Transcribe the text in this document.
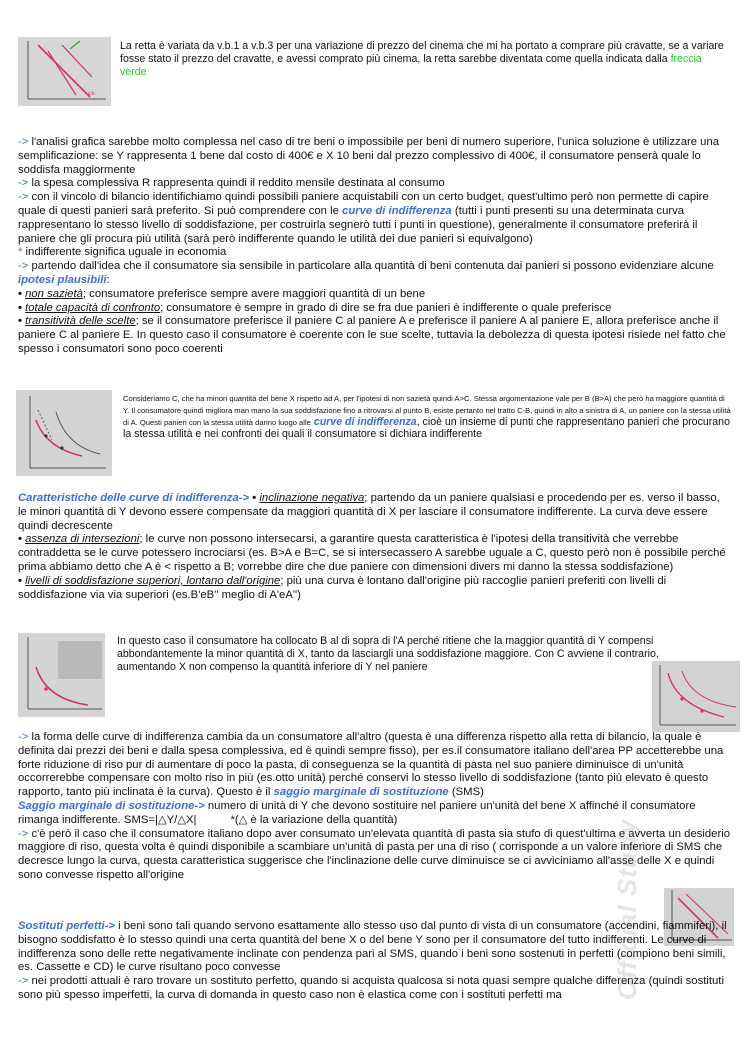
v.b.
La retta è variata da v.b.1 a v.b.3 per una variazione di prezzo del cinema che mi ha portato a comprare più cravatte, se a variare fosse stato il prezzo del cravatte, e avessi comprato più cinema, la retta sarebbe diventata come quella indicata dalla freccia verde

-> l'analisi grafica sarebbe molto complessa nel caso di tre beni o impossibile per beni di numero superiore, l'unica soluzione è utilizzare una semplificazione: se Y rappresenta 1 bene dal costo di 400€ e X 10 beni dal prezzo complessivo di 400€, il consumatore penserà quale lo soddisfa maggiormente

-> la spesa complessiva R rappresenta quindi il reddito mensile destinata al consumo

-> con il vincolo di bilancio identifichiamo quindi possibili paniere acquistabili con un certo budget, quest'ultimo però non permette di capire quale di questi panieri sarà preferito. Si può comprendere con le curve di indifferenza (tutti i punti presenti su una determinata curva rappresentano lo stesso livello di soddisfazione, per costruirla segnerò tutti i punti in questione), generalmente il consumatore preferirà il paniere che gli procura più utilità (sarà però indifferente quando le utilità dei due panieri si equivalgono)

* indifferente significa uguale in economia

-> partendo dall'idea che il consumatore sia sensibile in particolare alla quantità di beni contenuta dai panieri si possono evidenziare alcune ipotesi plausibili:

• non sazietà; consumatore preferisce sempre avere maggiori quantità di un bene

• totale capacità di confronto; consumatore è sempre in grado di dire se fra due panieri è indifferente o quale preferisce

• transitività delle scelte; se il consumatore preferisce il paniere C al paniere A e preferisce il paniere A al paniere E, allora preferisce anche il paniere C al paniere E. In questo caso il consumatore è coerente con le sue scelte, tuttavia la debolezza di questa ipotesi risiede nel fatto che spesso i consumatori sono poco coerenti

Consideriamo C, che ha minori quantità del bene X rispetto ad A, per l'ipotesi di non sazietà quindi A>C. Stessa argomentazione vale per B (B>A) che però ha maggiore quantità di Y. Il consumatore quindi migliora man mano la sua soddisfazione fino a ritrovarsi al punto B, esiste pertanto nel tratto C-B, quindi in alto a sinistra di A, un paniere con la stessa utilità di A. Questi panieri con la stessa utilità danno luogo alle curve di indifferenza, cioè un insieme di punti che rappresentano panieri che procurano la stessa utilità e nei confronti dei quali il consumatore si dichiara indifferente

Caratteristiche delle curve di indifferenza-> • inclinazione negativa; partendo da un paniere qualsiasi e procedendo per es. verso il basso, le minori quantità di Y devono essere compensate da maggiori quantità di X per lasciare il consumatore indifferente. La curva deve essere quindi decrescente

• assenza di intersezioni; le curve non possono intersecarsi, a garantire questa caratteristica è l'ipotesi della transitività che verrebbe contraddetta se le curve potessero incrociarsi (es. B>A e B=C, se si intersecassero A sarebbe uguale a C, questo però non è possibile perché prima abbiamo detto che A è < rispetto a B; vorrebbe dire che due paniere con dimensioni divers mi danno la stessa soddisfazione)

• livelli di soddisfazione superiori, lontano dall'origine; più una curva è lontano dall'origine più raccoglie panieri preferiti con livelli di soddisfazione via via superiori (es.B'eB'' meglio di A'eA'')

In questo caso il consumatore ha collocato B al di sopra di l'A perché ritiene che la maggior quantità di Y compensi abbondantemente la minor quantità di X, tanto da lasciargli una soddisfazione maggiore. Con C avviene il contrario, aumentando X non compenso la quantità inferiore di Y nel paniere
Official Study

-> la forma delle curve di indifferenza cambia da un consumatore all'altro (questa è una differenza rispetto alla retta di bilancio, la quale è definita dai prezzi dei beni e dalla spesa complessiva, ed è quindi sempre fisso), per es.il consumatore italiano dell'area PP accetterebbe una forte riduzione di riso pur di aumentare di poco la pasta, di conseguenza se la quantità di pasta nel suo paniere diminuisce di un'unità occorrerebbe compensare con molto riso in più (es.otto unità) perché conservi lo stesso livello di soddisfazione (tanto più elevato è questo rapporto, tanto più inclinata è la curva). Questo è il saggio marginale di sostituzione (SMS)

Saggio marginale di sostituzione-> numero di unità di Y che devono sostituire nel paniere un'unità del bene X affinché il consumatore rimanga indifferente. SMS=|△Y/△X|	*(△ è la variazione della quantità)

-> c'è però il caso che il consumatore italiano dopo aver consumato un'elevata quantità di pasta sia stufo di quest'ultima e avverta un desiderio maggiore di riso, questa volta è quindi disponibile a scambiare un'unità di pasta per una di riso ( corrisponde a un valore inferiore di SMS che decresce lungo la curva, questa caratteristica suggerisce che l'inclinazione delle curve diminuisce se ci avviciniamo all'asse delle X e quindi sono convesse rispetto all'origine

Sostituti perfetti-> i beni sono tali quando servono esattamente allo stesso uso dal punto di vista di un consumatore (accendini, fiammiferi), il bisogno soddisfatto è lo stesso quindi una certa quantità del bene X o del bene Y sono per il consumatore del tutto indifferenti. Le curve di indifferenza sono delle rette negativamente inclinate con pendenza pari al SMS, quando i beni sono sostenuti in perfetti (compiono beni simili, es. Cassette e CD) le curve risultano poco convesse

-> nei prodotti attuali è raro trovare un sostituto perfetto, quando si acquista qualcosa si nota quasi sempre qualche differenza (quindi sostituti sono più spesso imperfetti, la curva di domanda in questo caso non è elastica come con i sostituti perfetti ma
